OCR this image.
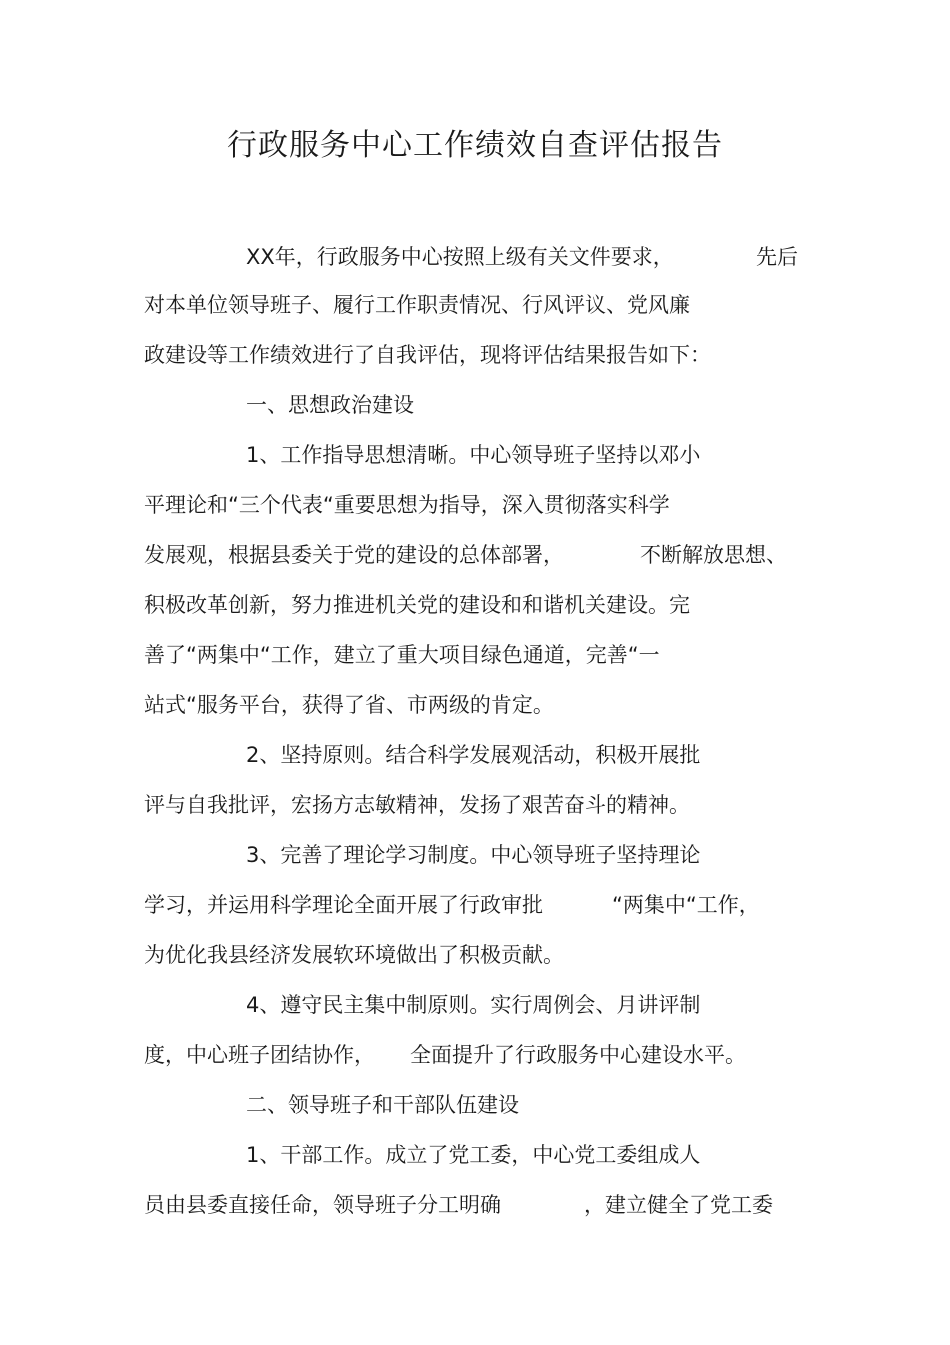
行政服务中心工作绩效自查评估报告

XX年，行政服务中心按照上级有关文件要求，	先后

对本单位领导班子、履行工作职责情况、行风评议、党风廉

政建设等工作绩效进行了自我评估，现将评估结果报告如下：

一、思想政治建设

1、工作指导思想清晰。中心领导班子坚持以邓小

平理论和“三个代表“重要思想为指导，深入贯彻落实科学

发展观，根据县委关于党的建设的总体部署，	不断解放思想、

积极改革创新，努力推进机关党的建设和和谐机关建设。完

善了“两集中“工作，建立了重大项目绿色通道，完善“一

站式“服务平台，获得了省、市两级的肯定。

2、坚持原则。结合科学发展观活动，积极开展批

评与自我批评，宏扬方志敏精神，发扬了艰苦奋斗的精神。

3、完善了理论学习制度。中心领导班子坚持理论

学习，并运用科学理论全面开展了行政审批	“两集中“工作，

为优化我县经济发展软环境做出了积极贡献。

4、遵守民主集中制原则。实行周例会、月讲评制

度，中心班子团结协作， 全面提升了行政服务中心建设水平。

二、领导班子和干部队伍建设

1、干部工作。成立了党工委，中心党工委组成人

员由县委直接任命，领导班子分工明确	，建立健全了党工委
